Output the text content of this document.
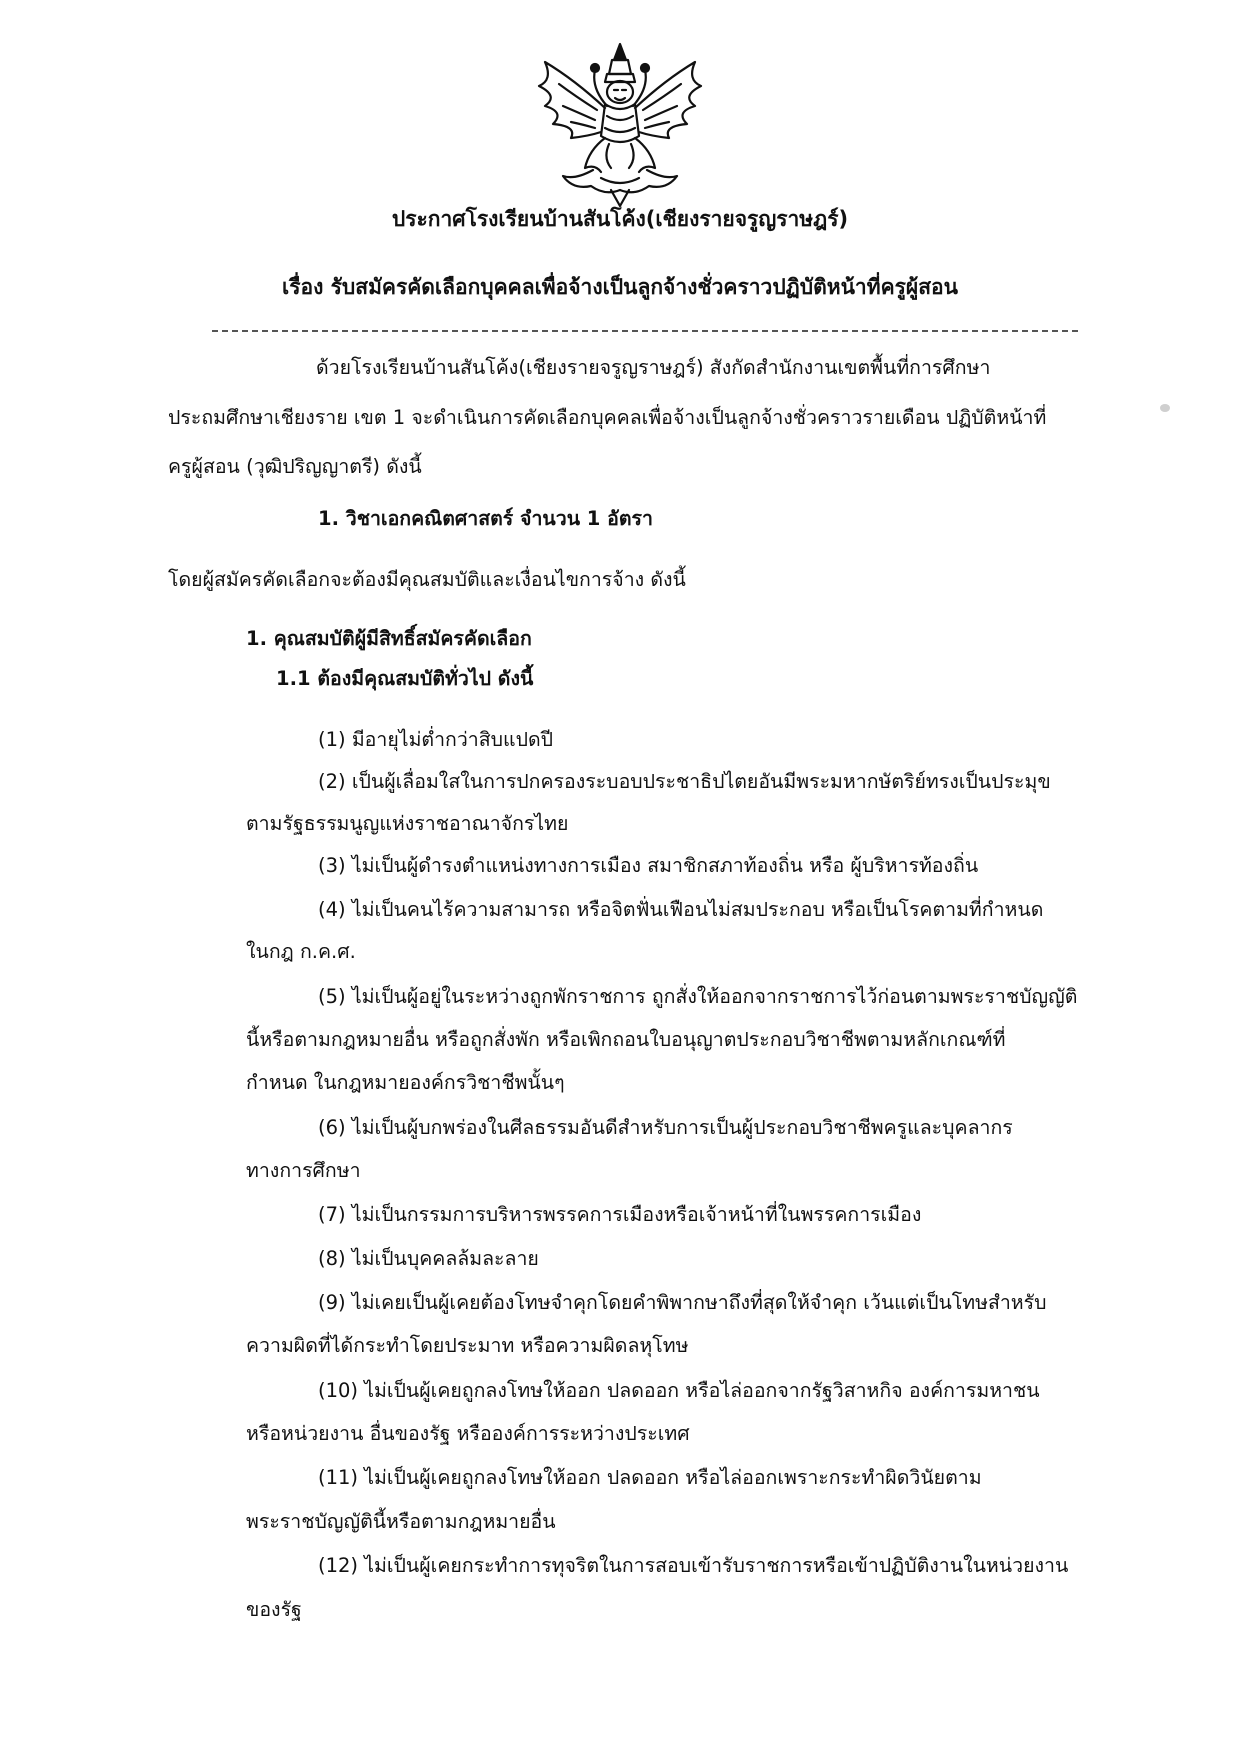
ประกาศโรงเรียนบ้านสันโค้ง(เชียงรายจรูญราษฎร์)
เรื่อง รับสมัครคัดเลือกบุคคลเพื่อจ้างเป็นลูกจ้างชั่วคราวปฏิบัติหน้าที่ครูผู้สอน
ด้วยโรงเรียนบ้านสันโค้ง(เชียงรายจรูญราษฎร์) สังกัดสำนักงานเขตพื้นที่การศึกษา
ประถมศึกษาเชียงราย เขต 1 จะดำเนินการคัดเลือกบุคคลเพื่อจ้างเป็นลูกจ้างชั่วคราวรายเดือน ปฏิบัติหน้าที่
ครูผู้สอน (วุฒิปริญญาตรี) ดังนี้
1. วิชาเอกคณิตศาสตร์ จำนวน 1 อัตรา
โดยผู้สมัครคัดเลือกจะต้องมีคุณสมบัติและเงื่อนไขการจ้าง ดังนี้
1. คุณสมบัติผู้มีสิทธิ์สมัครคัดเลือก
1.1 ต้องมีคุณสมบัติทั่วไป ดังนี้
(1) มีอายุไม่ต่ำกว่าสิบแปดปี
(2) เป็นผู้เลื่อมใสในการปกครองระบอบประชาธิปไตยอันมีพระมหากษัตริย์ทรงเป็นประมุข
ตามรัฐธรรมนูญแห่งราชอาณาจักรไทย
(3) ไม่เป็นผู้ดำรงตำแหน่งทางการเมือง สมาชิกสภาท้องถิ่น หรือ ผู้บริหารท้องถิ่น
(4) ไม่เป็นคนไร้ความสามารถ หรือจิตฟั่นเฟือนไม่สมประกอบ หรือเป็นโรคตามที่กำหนด
ในกฎ ก.ค.ศ.
(5) ไม่เป็นผู้อยู่ในระหว่างถูกพักราชการ ถูกสั่งให้ออกจากราชการไว้ก่อนตามพระราชบัญญัติ
นี้หรือตามกฎหมายอื่น หรือถูกสั่งพัก หรือเพิกถอนใบอนุญาตประกอบวิชาชีพตามหลักเกณฑ์ที่
กำหนด ในกฎหมายองค์กรวิชาชีพนั้นๆ
(6) ไม่เป็นผู้บกพร่องในศีลธรรมอันดีสำหรับการเป็นผู้ประกอบวิชาชีพครูและบุคลากร
ทางการศึกษา
(7) ไม่เป็นกรรมการบริหารพรรคการเมืองหรือเจ้าหน้าที่ในพรรคการเมือง
(8) ไม่เป็นบุคคลล้มละลาย
(9) ไม่เคยเป็นผู้เคยต้องโทษจำคุกโดยคำพิพากษาถึงที่สุดให้จำคุก เว้นแต่เป็นโทษสำหรับ
ความผิดที่ได้กระทำโดยประมาท หรือความผิดลหุโทษ
(10) ไม่เป็นผู้เคยถูกลงโทษให้ออก ปลดออก หรือไล่ออกจากรัฐวิสาหกิจ องค์การมหาชน
หรือหน่วยงาน อื่นของรัฐ หรือองค์การระหว่างประเทศ
(11) ไม่เป็นผู้เคยถูกลงโทษให้ออก ปลดออก หรือไล่ออกเพราะกระทำผิดวินัยตาม
พระราชบัญญัตินี้หรือตามกฎหมายอื่น
(12) ไม่เป็นผู้เคยกระทำการทุจริตในการสอบเข้ารับราชการหรือเข้าปฏิบัติงานในหน่วยงาน
ของรัฐ
